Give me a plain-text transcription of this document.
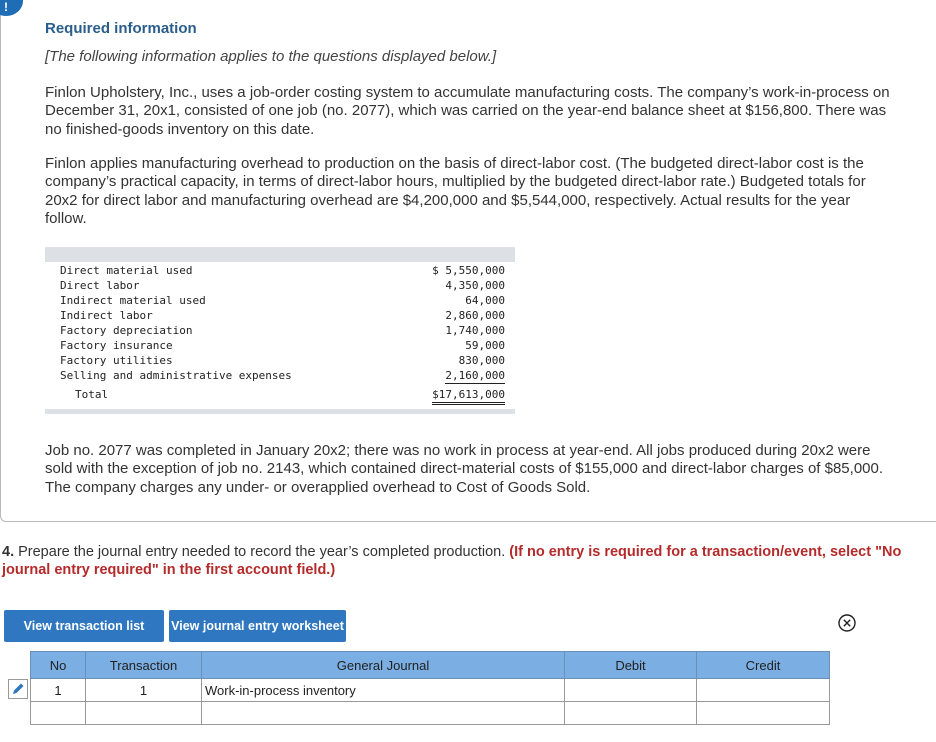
!
Required information
[The following information applies to the questions displayed below.]
Finlon Upholstery, Inc., uses a job-order costing system to accumulate manufacturing costs. The company’s work-in-process on December 31, 20x1, consisted of one job (no. 2077), which was carried on the year-end balance sheet at $156,800. There was no finished-goods inventory on this date.
Finlon applies manufacturing overhead to production on the basis of direct-labor cost. (The budgeted direct-labor cost is the company’s practical capacity, in terms of direct-labor hours, multiplied by the budgeted direct-labor rate.) Budgeted totals for 20x2 for direct labor and manufacturing overhead are $4,200,000 and $5,544,000, respectively. Actual results for the year follow.
Direct material used	$ 5,550,000
Direct labor	4,350,000
Indirect material used	64,000
Indirect labor	2,860,000
Factory depreciation	1,740,000
Factory insurance	59,000
Factory utilities	830,000
Selling and administrative expenses	2,160,000
Total	$17,613,000
Job no. 2077 was completed in January 20x2; there was no work in process at year-end. All jobs produced during 20x2 were sold with the exception of job no. 2143, which contained direct-material costs of $155,000 and direct-labor charges of $85,000. The company charges any under- or overapplied overhead to Cost of Goods Sold.
4. Prepare the journal entry needed to record the year’s completed production. (If no entry is required for a transaction/event, select "No journal entry required" in the first account field.)
View transaction list	View journal entry worksheet
No	Transaction	General Journal	Debit	Credit
1	1	Work-in-process inventory		
